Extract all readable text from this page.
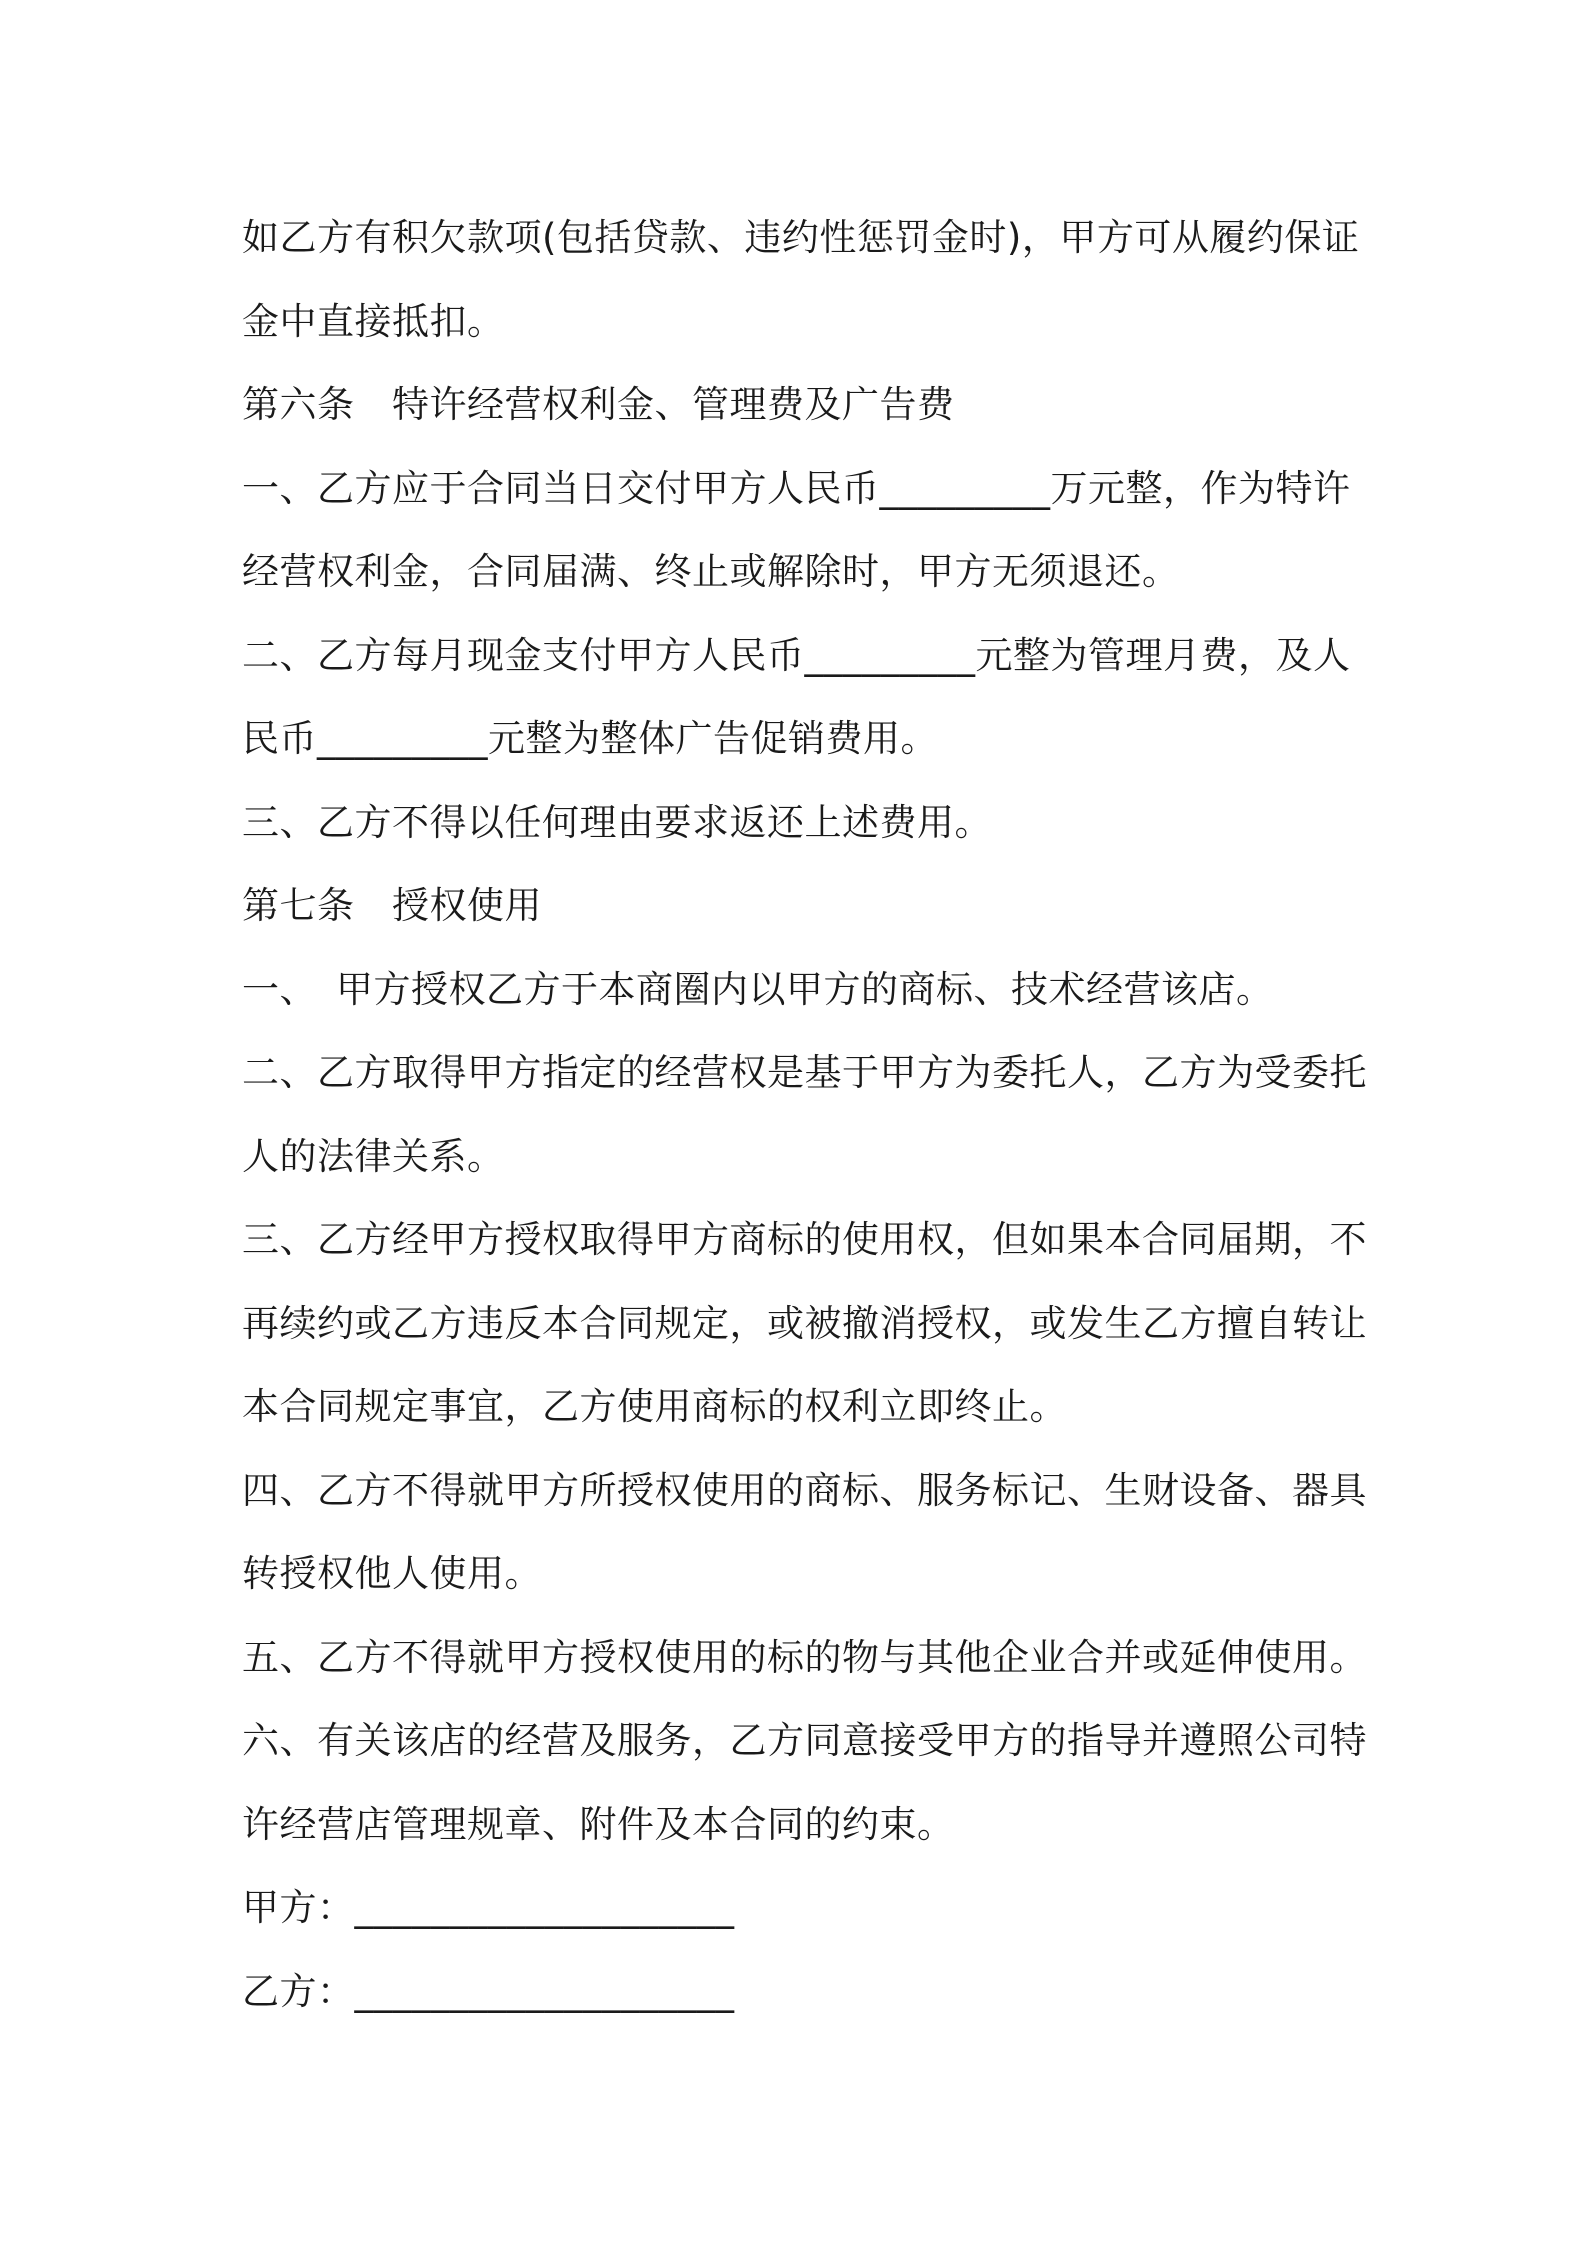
如乙方有积欠款项(包括贷款、违约性惩罚金时)，甲方可从履约保证
金中直接抵扣。
第六条　特许经营权利金、管理费及广告费
一、乙方应于合同当日交付甲方人民币_________万元整，作为特许
经营权利金，合同届满、终止或解除时，甲方无须退还。
二、乙方每月现金支付甲方人民币_________元整为管理月费，及人
民币_________元整为整体广告促销费用。
三、乙方不得以任何理由要求返还上述费用。
第七条　授权使用
一、　甲方授权乙方于本商圈内以甲方的商标、技术经营该店。
二、乙方取得甲方指定的经营权是基于甲方为委托人，乙方为受委托
人的法律关系。
三、乙方经甲方授权取得甲方商标的使用权，但如果本合同届期，不
再续约或乙方违反本合同规定，或被撤消授权，或发生乙方擅自转让
本合同规定事宜，乙方使用商标的权利立即终止。
四、乙方不得就甲方所授权使用的商标、服务标记、生财设备、器具
转授权他人使用。
五、乙方不得就甲方授权使用的标的物与其他企业合并或延伸使用。
六、有关该店的经营及服务，乙方同意接受甲方的指导并遵照公司特
许经营店管理规章、附件及本合同的约束。
甲方：____________________
乙方：____________________
